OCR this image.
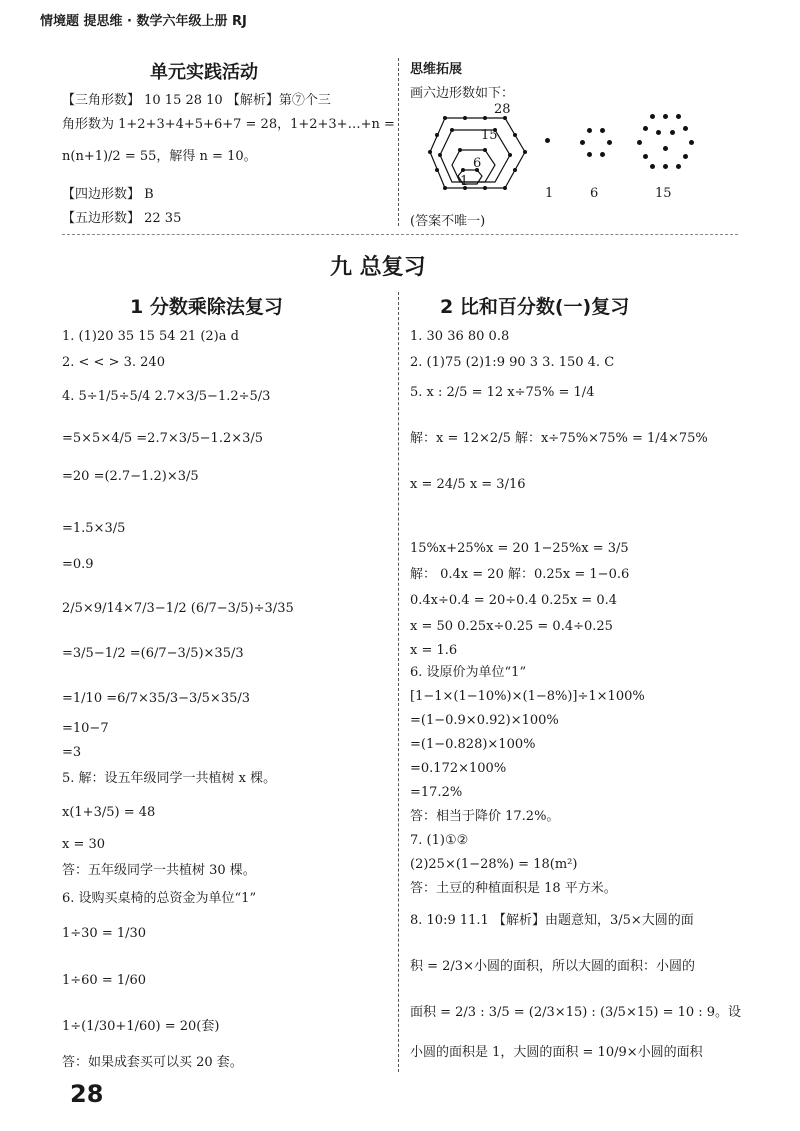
情境题 提思维 · 数学六年级上册 RJ
单元实践活动
【三角形数】 10 15 28 10 【解析】第⑦个三
角形数为 1+2+3+4+5+6+7 = 28，1+2+3+…+n =
n(n+1)/2 = 55，解得 n = 10。
【四边形数】 B
【五边形数】 22 35
思维拓展
画六边形数如下：
28
15
6
1
1	6	15
(答案不唯一)
九 总复习
1 分数乘除法复习
1. (1)20 35 15 54 21 (2)a d
2. < < > 3. 240
4. 5÷1/5÷5/4 2.7×3/5−1.2÷5/3
=5×5×4/5 =2.7×3/5−1.2×3/5
=20 =(2.7−1.2)×3/5
=1.5×3/5
=0.9
2/5×9/14×7/3−1/2 (6/7−3/5)÷3/35
=3/5−1/2 =(6/7−3/5)×35/3
=1/10 =6/7×35/3−3/5×35/3
=10−7
=3
5. 解：设五年级同学一共植树 x 棵。
x(1+3/5) = 48
x = 30
答：五年级同学一共植树 30 棵。
6. 设购买桌椅的总资金为单位“1”
1÷30 = 1/30
1÷60 = 1/60
1÷(1/30+1/60) = 20(套)
答：如果成套买可以买 20 套。
2 比和百分数(一)复习
1. 30 36 80 0.8
2. (1)75 (2)1:9 90 3 3. 150 4. C
5. x : 2/5 = 12 x÷75% = 1/4
解：x = 12×2/5 解：x÷75%×75% = 1/4×75%
x = 24/5 x = 3/16
15%x+25%x = 20 1−25%x = 3/5
解： 0.4x = 20 解：0.25x = 1−0.6
0.4x÷0.4 = 20÷0.4 0.25x = 0.4
x = 50 0.25x÷0.25 = 0.4÷0.25
x = 1.6
6. 设原价为单位“1”
[1−1×(1−10%)×(1−8%)]÷1×100%
=(1−0.9×0.92)×100%
=(1−0.828)×100%
=0.172×100%
=17.2%
答：相当于降价 17.2%。
7. (1)①②
(2)25×(1−28%) = 18(m²)
答：土豆的种植面积是 18 平方米。
8. 10:9 11.1 【解析】由题意知，3/5×大圆的面
积 = 2/3×小圆的面积，所以大圆的面积：小圆的
面积 = 2/3 : 3/5 = (2/3×15) : (3/5×15) = 10 : 9。设
小圆的面积是 1，大圆的面积 = 10/9×小圆的面积
28
